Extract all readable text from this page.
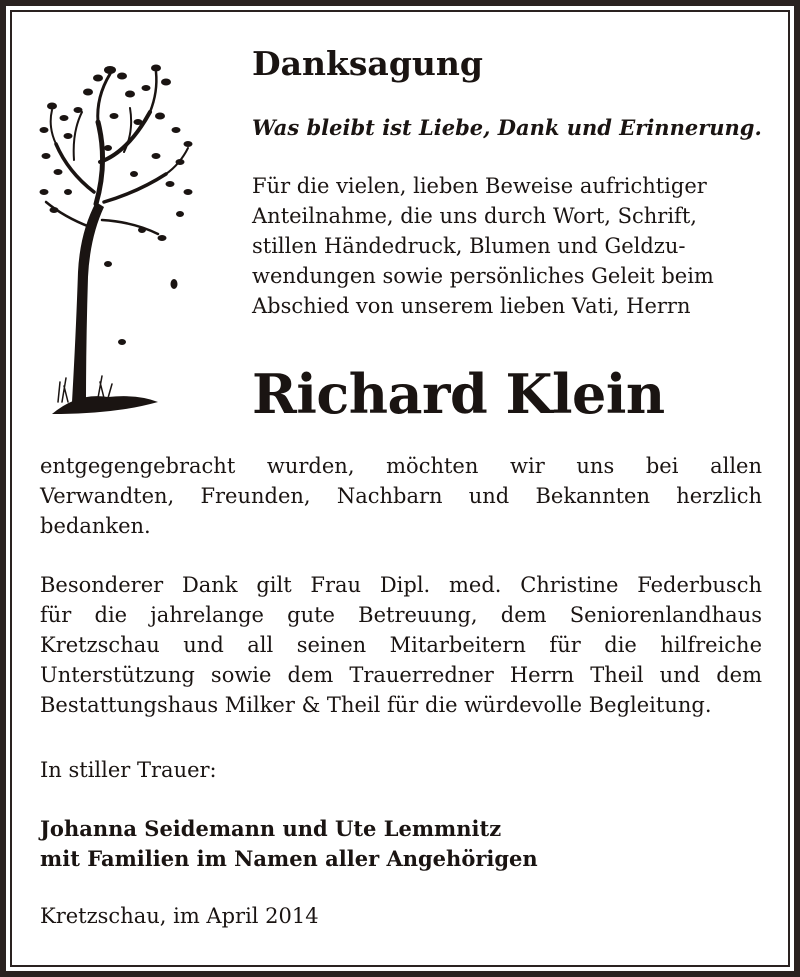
Danksagung

Was bleibt ist Liebe, Dank und Erinnerung.

Für die vielen, lieben Beweise aufrichtiger
Anteilnahme, die uns durch Wort, Schrift,
stillen Händedruck, Blumen und Geldzu-
wendungen sowie persönliches Geleit beim
Abschied von unserem lieben Vati, Herrn

Richard Klein

entgegengebracht wurden, möchten wir uns bei allen
Verwandten, Freunden, Nachbarn und Bekannten herzlich
bedanken.

Besonderer Dank gilt Frau Dipl. med. Christine Federbusch
für die jahrelange gute Betreuung, dem Seniorenlandhaus
Kretzschau und all seinen Mitarbeitern für die hilfreiche
Unterstützung sowie dem Trauerredner Herrn Theil und dem
Bestattungshaus Milker & Theil für die würdevolle Begleitung.

In stiller Trauer:

Johanna Seidemann und Ute Lemmnitz
mit Familien im Namen aller Angehörigen

Kretzschau, im April 2014
